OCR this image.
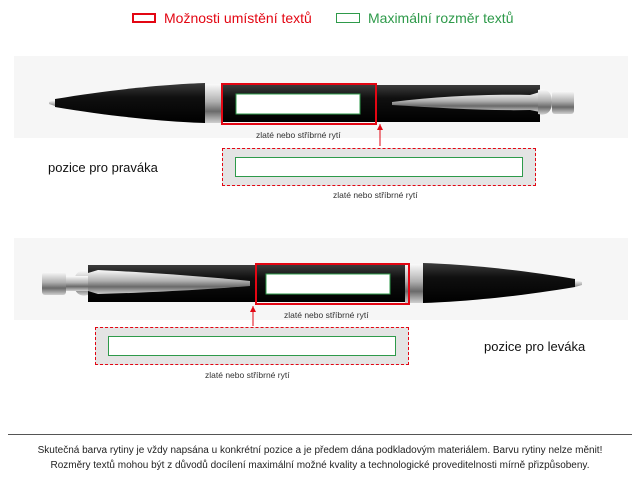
Možnosti umístění textů	Maximální rozměr textů
zlaté nebo stříbrné rytí
pozice pro praváka
zlaté nebo stříbrné rytí
zlaté nebo stříbrné rytí
pozice pro leváka
zlaté nebo stříbrné rytí
Skutečná barva rytiny je vždy napsána u konkrétní pozice a je předem dána podkladovým materiálem. Barvu rytiny nelze měnit!
Rozměry textů mohou být z důvodů docílení maximální možné kvality a technologické proveditelnosti mírně přizpůsobeny.
